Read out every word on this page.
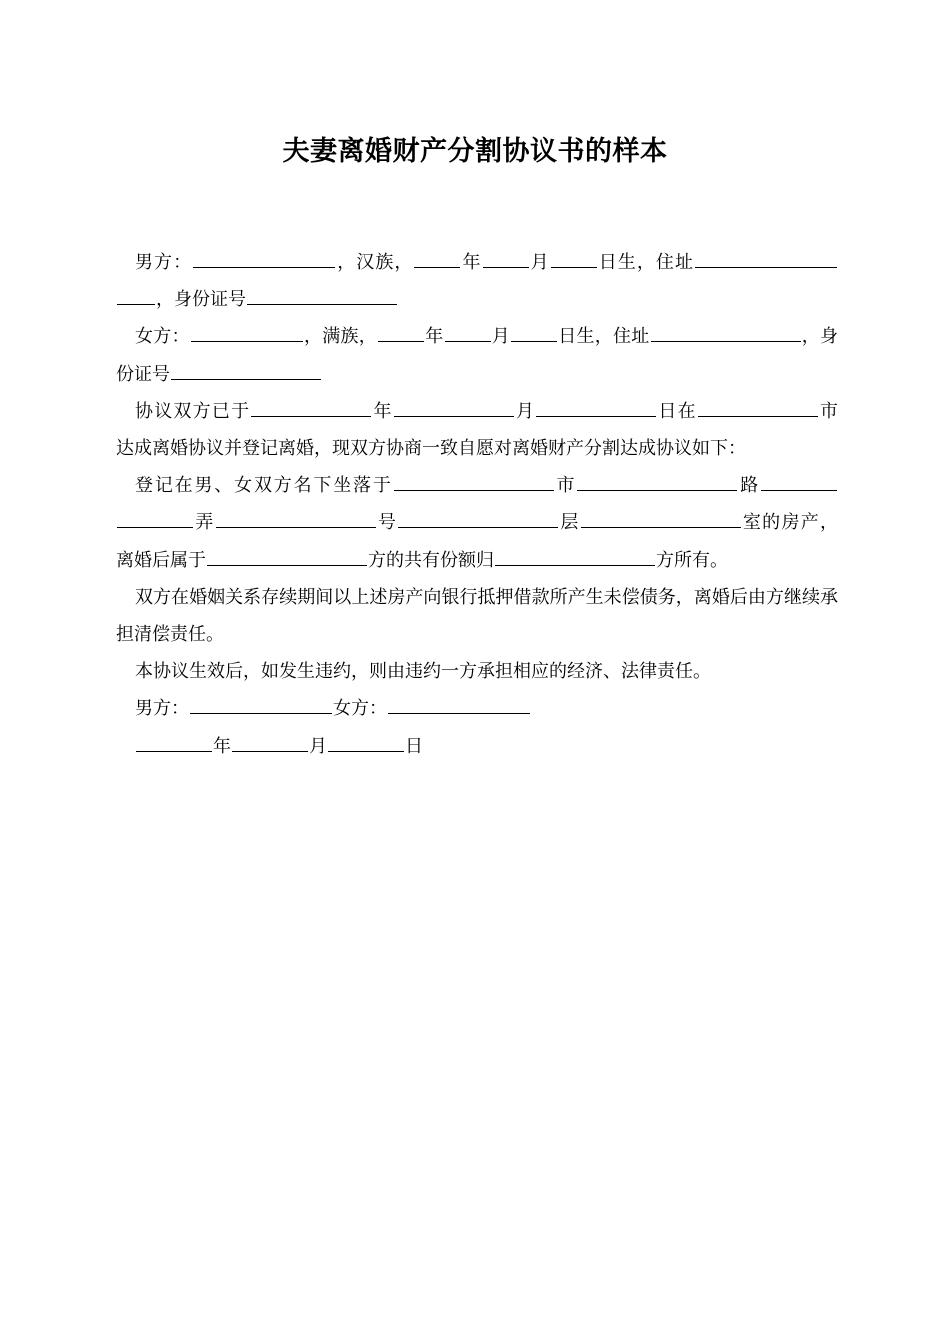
夫妻离婚财产分割协议书的样本

男方：	，汉族，	年	月	日生，住址，身份证号

女方：	，满族，	年	月	日生，住址	，身份证号

协议双方已于	年	月	日在	市达成离婚协议并登记离婚，现双方协商一致自愿对离婚财产分割达成协议如下：

登记在男、女双方名下坐落于	市	路弄	号	层	室的房产，离婚后属于	方的共有份额归	方所有。

双方在婚姻关系存续期间以上述房产向银行抵押借款所产生未偿债务，离婚后由方继续承担清偿责任。

本协议生效后，如发生违约，则由违约一方承担相应的经济、法律责任。

男方：	女方：

年	月	日
